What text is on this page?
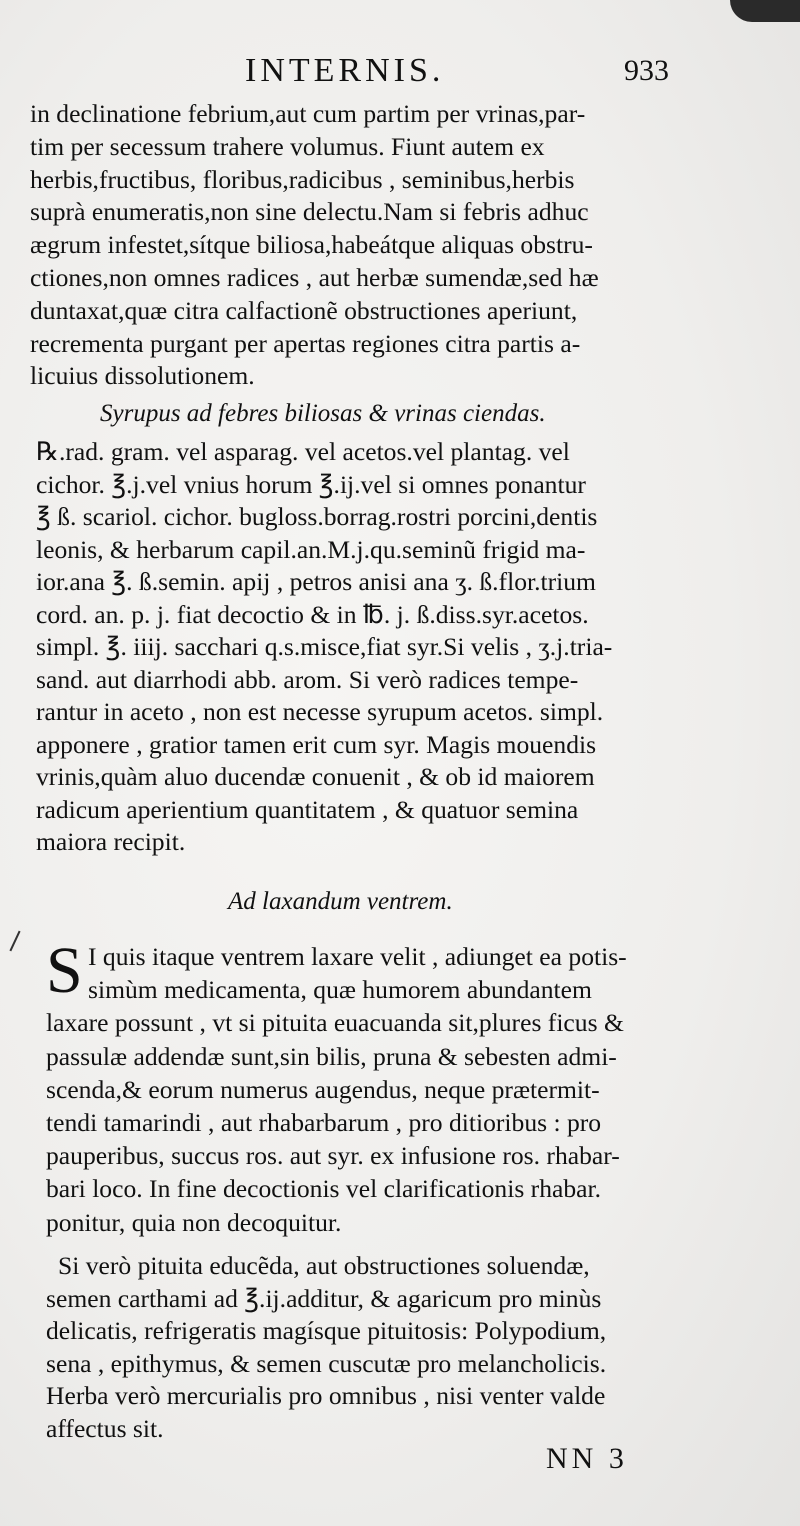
INTERNIS.	933
in declinatione febrium,aut cum partim per vrinas,par-
tim per secessum trahere volumus. Fiunt autem ex
herbis,fructibus, floribus,radicibus , seminibus,herbis
suprà enumeratis,non sine delectu.Nam si febris adhuc
ægrum infestet,sítque biliosa,habeátque aliquas obstru-
ctiones,non omnes radices , aut herbæ sumendæ,sed hæ
duntaxat,quæ citra calfactionẽ obstructiones aperiunt,
recrementa purgant per apertas regiones citra partis a-
licuius dissolutionem.
Syrupus ad febres biliosas & vrinas ciendas.
℞.rad. gram. vel asparag. vel acetos.vel plantag. vel
cichor. ℥.j.vel vnius horum ℥.ij.vel si omnes ponantur
℥ ß. scariol. cichor. bugloss.borrag.rostri porcini,dentis
leonis, & herbarum capil.an.M.j.qu.seminũ frigid ma-
ior.ana ℥. ß.semin. apij , petros anisi ana ʒ. ß.flor.trium
cord. an. p. j. fiat decoctio & in ℔. j. ß.diss.syr.acetos.
simpl. ℥. iiij. sacchari q.s.misce,fiat syr.Si velis , ʒ.j.tria-
sand. aut diarrhodi abb. arom. Si verò radices tempe-
rantur in aceto , non est necesse syrupum acetos. simpl.
apponere , gratior tamen erit cum syr. Magis mouendis
vrinis,quàm aluo ducendæ conuenit , & ob id maiorem
radicum aperientium quantitatem , & quatuor semina
maiora recipit.
Ad laxandum ventrem.
S I quis itaque ventrem laxare velit , adiunget ea potis-
simùm medicamenta, quæ humorem abundantem
laxare possunt , vt si pituita euacuanda sit,plures ficus &
passulæ addendæ sunt,sin bilis, pruna & sebesten admi-
scenda,& eorum numerus augendus, neque prætermit-
tendi tamarindi , aut rhabarbarum , pro ditioribus : pro
pauperibus, succus ros. aut syr. ex infusione ros. rhabar-
bari loco. In fine decoctionis vel clarificationis rhabar.
ponitur, quia non decoquitur.
Si verò pituita educẽda, aut obstructiones soluendæ,
semen carthami ad ℥.ij.additur, & agaricum pro minùs
delicatis, refrigeratis magísque pituitosis: Polypodium,
sena , epithymus, & semen cuscutæ pro melancholicis.
Herba verò mercurialis pro omnibus , nisi venter valde
affectus sit.
NN 3
